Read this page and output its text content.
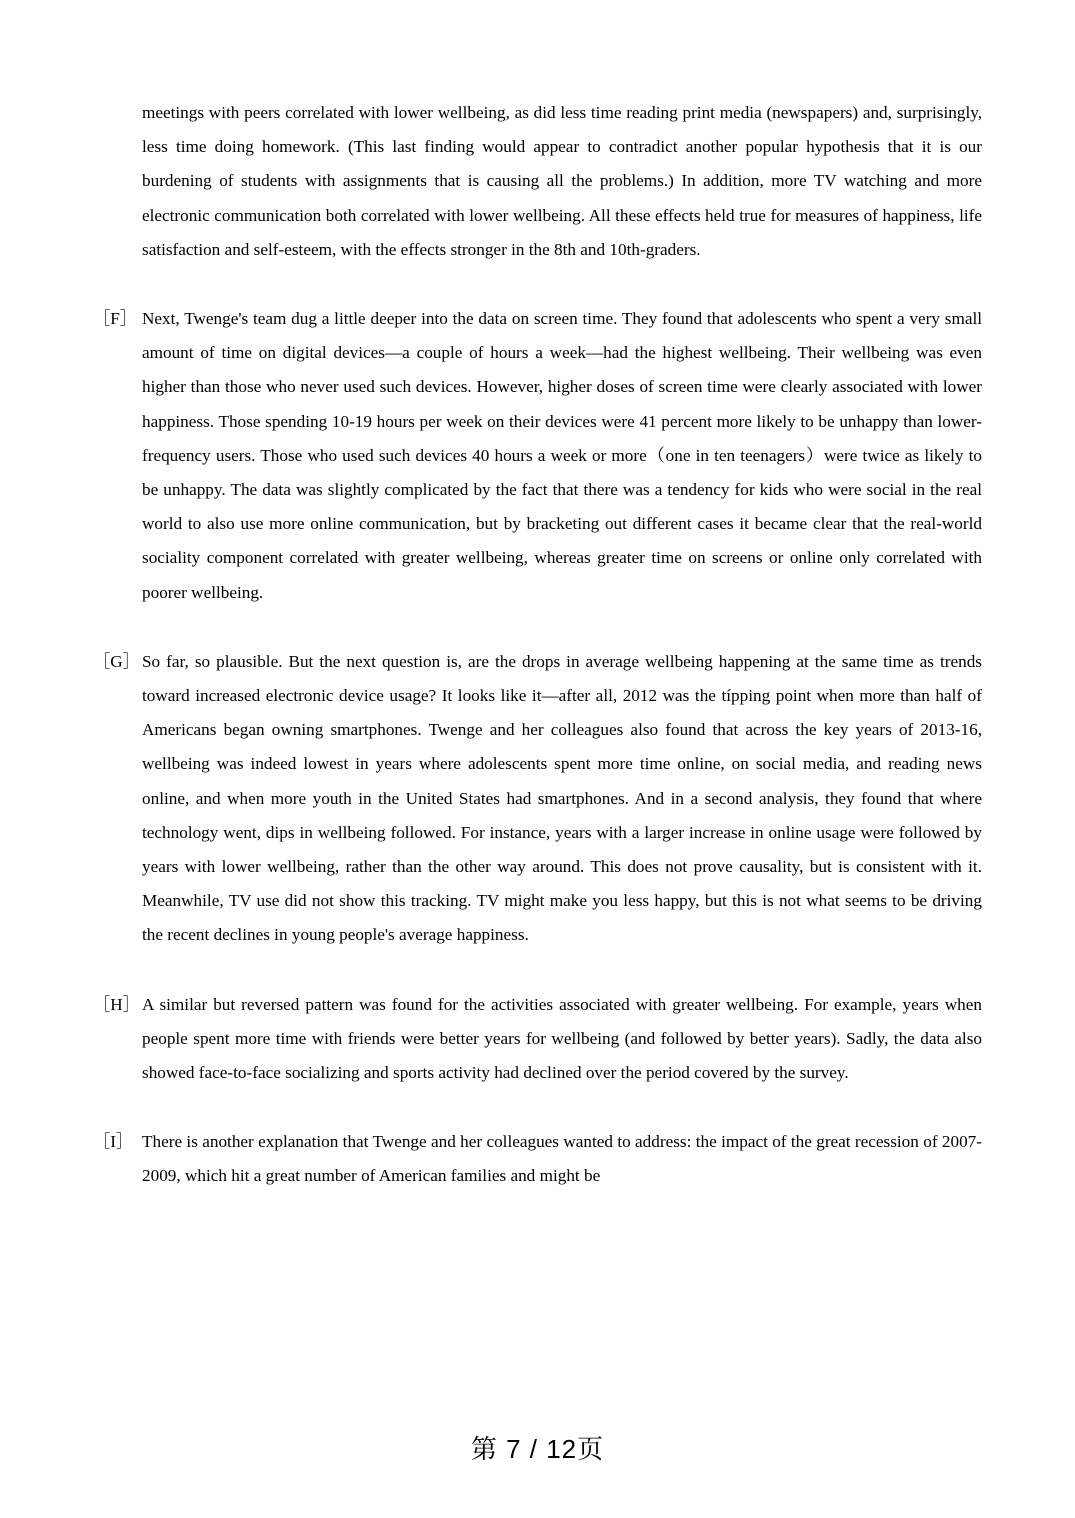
meetings with peers correlated with lower wellbeing, as did less time reading print media (newspapers) and, surprisingly, less time doing homework. (This last finding would appear to contradict another popular hypothesis that it is our burdening of students with assignments that is causing all the problems.) In addition, more TV watching and more electronic communication both correlated with lower wellbeing. All these effects held true for measures of happiness, life satisfaction and self-esteem, with the effects stronger in the 8th and 10th-graders.

［F］ Next, Twenge's team dug a little deeper into the data on screen time. They found that adolescents who spent a very small amount of time on digital devices—a couple of hours a week—had the highest wellbeing. Their wellbeing was even higher than those who never used such devices. However, higher doses of screen time were clearly associated with lower happiness. Those spending 10-19 hours per week on their devices were 41 percent more likely to be unhappy than lower-frequency users. Those who used such devices 40 hours a week or more（one in ten teenagers）were twice as likely to be unhappy. The data was slightly complicated by the fact that there was a tendency for kids who were social in the real world to also use more online communication, but by bracketing out different cases it became clear that the real-world sociality component correlated with greater wellbeing, whereas greater time on screens or online only correlated with poorer wellbeing.
［G］ So far, so plausible. But the next question is, are the drops in average wellbeing happening at the same time as trends toward increased electronic device usage? It looks like it—after all, 2012 was the típping point when more than half of Americans began owning smartphones. Twenge and her colleagues also found that across the key years of 2013-16, wellbeing was indeed lowest in years where adolescents spent more time online, on social media, and reading news online, and when more youth in the United States had smartphones. And in a second analysis, they found that where technology went, dips in wellbeing followed. For instance, years with a larger increase in online usage were followed by years with lower wellbeing, rather than the other way around. This does not prove causality, but is consistent with it. Meanwhile, TV use did not show this tracking. TV might make you less happy, but this is not what seems to be driving the recent declines in young people's average happiness.
［H］ A similar but reversed pattern was found for the activities associated with greater wellbeing. For example, years when people spent more time with friends were better years for wellbeing (and followed by better years). Sadly, the data also showed face-to-face socializing and sports activity had declined over the period covered by the survey.
［I］ There is another explanation that Twenge and her colleagues wanted to address: the impact of the great recession of 2007-2009, which hit a great number of American families and might be
第 7 / 12页
